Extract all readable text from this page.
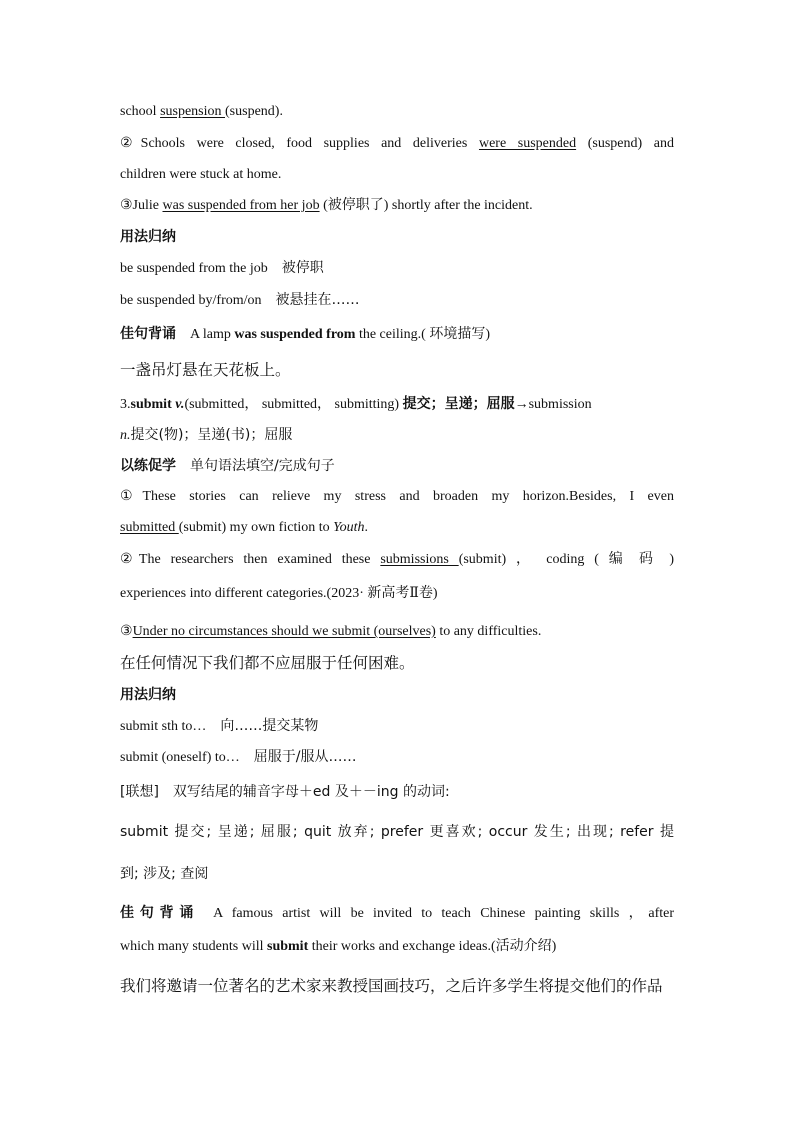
school suspension (suspend).
②Schools were closed, food supplies and deliveries were suspended (suspend) and
children were stuck at home.
③Julie was suspended from her job (被停职了) shortly after the incident.
用法归纳
be suspended from the job 被停职
be suspended by/from/on 被悬挂在……
佳句背诵 A lamp was suspended from the ceiling.( 环境描写)
一盏吊灯悬在天花板上。
3.submit v.(submitted， submitted， submitting) 提交；呈递；屈服→submission
n.提交(物)；呈递(书)；屈服
以练促学 单句语法填空/完成句子
①These stories can relieve my stress and broaden my horizon.Besides, I even
submitted (submit) my own fiction to Youth.
②The researchers then examined these submissions (submit) ， coding ( 编 码 )
experiences into different categories.(2023· 新高考Ⅱ卷)
③Under no circumstances should we submit (ourselves) to any difficulties.
在任何情况下我们都不应屈服于任何困难。
用法归纳
submit sth to… 向……提交某物
submit (oneself) to… 屈服于/服从……
[联想]　双写结尾的辅音字母＋ed 及＋－ing 的动词:
submit 提交; 呈递; 屈服; quit 放弃; prefer 更喜欢; occur 发生; 出现; refer 提
到; 涉及; 查阅
佳句背诵 A famous artist will be invited to teach Chinese painting skills ，after
which many students will submit their works and exchange ideas.(活动介绍)
我们将邀请一位著名的艺术家来教授国画技巧，之后许多学生将提交他们的作品
